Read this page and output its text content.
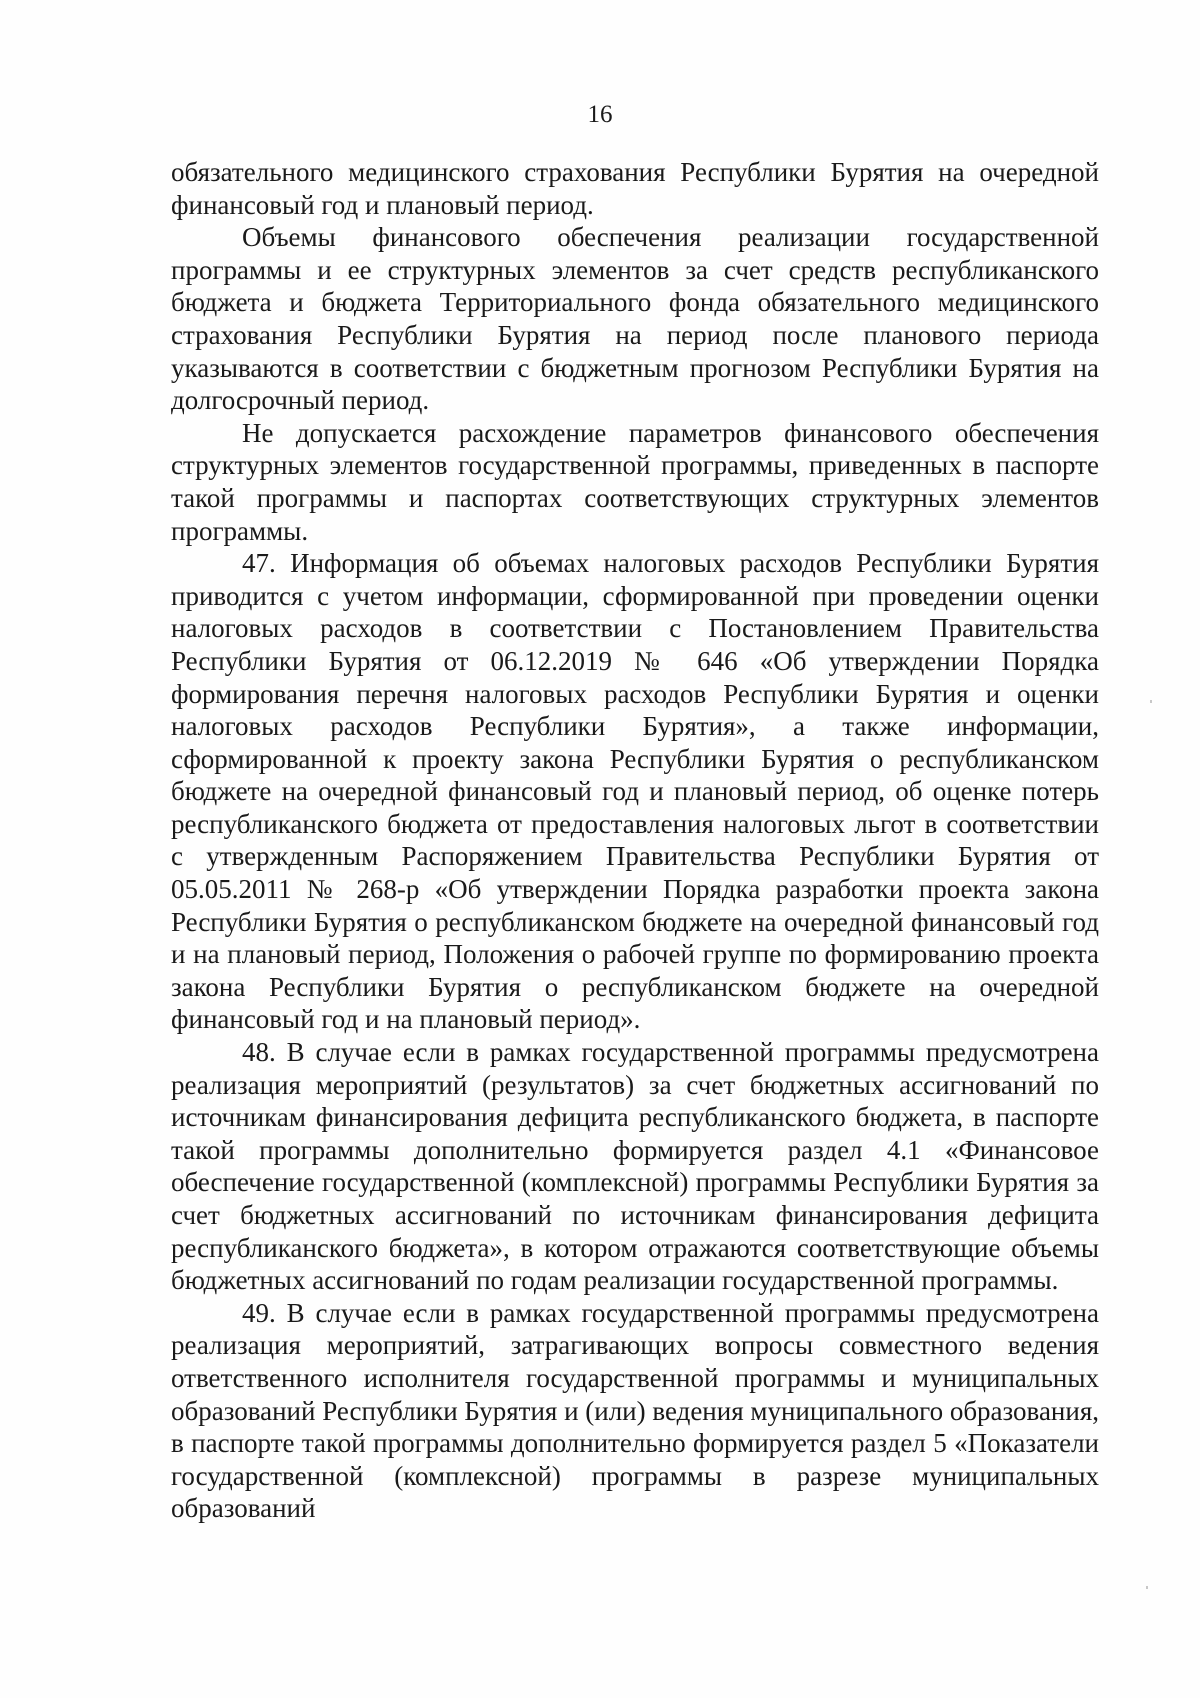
16

обязательного медицинского страхования Республики Бурятия на очередной финансовый год и плановый период.

Объемы финансового обеспечения реализации государственной программы и ее структурных элементов за счет средств республиканского бюджета и бюджета Территориального фонда обязательного медицинского страхования Республики Бурятия на период после планового периода указываются в соответствии с бюджетным прогнозом Республики Бурятия на долгосрочный период.

Не допускается расхождение параметров финансового обеспечения структурных элементов государственной программы, приведенных в паспорте такой программы и паспортах соответствующих структурных элементов программы.

47. Информация об объемах налоговых расходов Республики Бурятия приводится с учетом информации, сформированной при проведении оценки налоговых расходов в соответствии с Постановлением Правительства Республики Бурятия от 06.12.2019 № 646 «Об утверждении Порядка формирования перечня налоговых расходов Республики Бурятия и оценки налоговых расходов Республики Бурятия», а также информации, сформированной к проекту закона Республики Бурятия о республиканском бюджете на очередной финансовый год и плановый период, об оценке потерь республиканского бюджета от предоставления налоговых льгот в соответствии с утвержденным Распоряжением Правительства Республики Бурятия от 05.05.2011 № 268-р «Об утверждении Порядка разработки проекта закона Республики Бурятия о республиканском бюджете на очередной финансовый год и на плановый период, Положения о рабочей группе по формированию проекта закона Республики Бурятия о республиканском бюджете на очередной финансовый год и на плановый период».

48. В случае если в рамках государственной программы предусмотрена реализация мероприятий (результатов) за счет бюджетных ассигнований по источникам финансирования дефицита республиканского бюджета, в паспорте такой программы дополнительно формируется раздел 4.1 «Финансовое обеспечение государственной (комплексной) программы Республики Бурятия за счет бюджетных ассигнований по источникам финансирования дефицита республиканского бюджета», в котором отражаются соответствующие объемы бюджетных ассигнований по годам реализации государственной программы.

49. В случае если в рамках государственной программы предусмотрена реализация мероприятий, затрагивающих вопросы совместного ведения ответственного исполнителя государственной программы и муниципальных образований Республики Бурятия и (или) ведения муниципального образования, в паспорте такой программы дополнительно формируется раздел 5 «Показатели государственной (комплексной) программы в разрезе муниципальных образований
